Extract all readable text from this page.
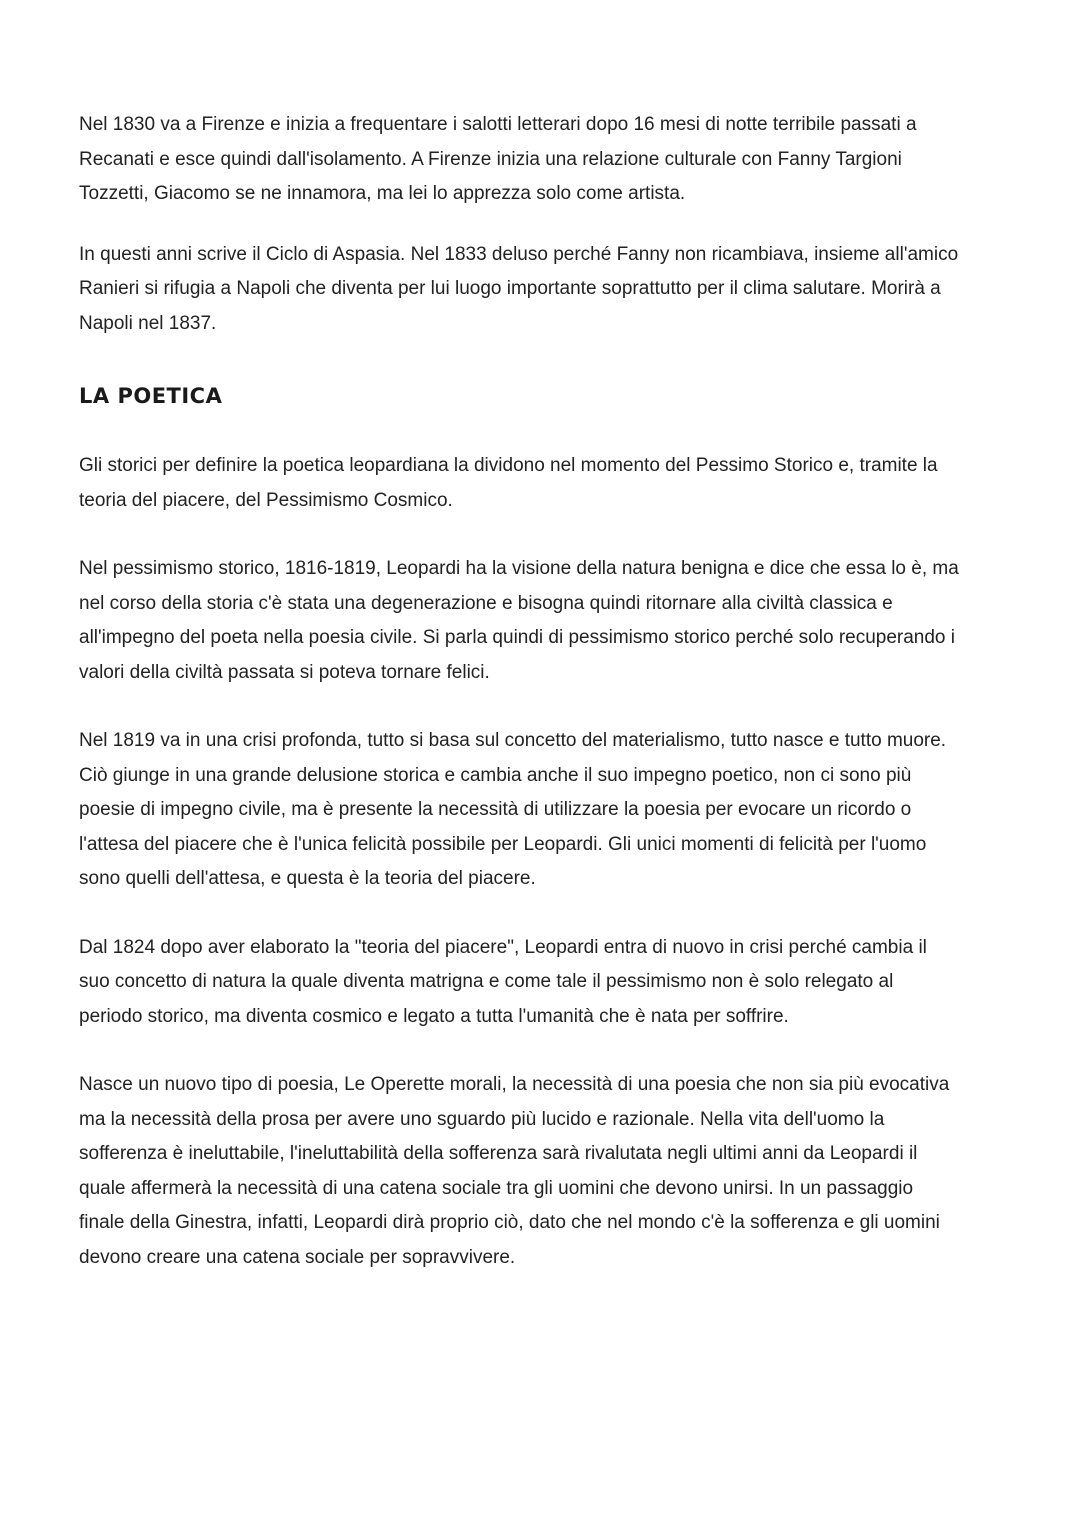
Nel 1830 va a Firenze e inizia a frequentare i salotti letterari dopo 16 mesi di notte terribile passati a
Recanati e esce quindi dall'isolamento. A Firenze inizia una relazione culturale con Fanny Targioni
Tozzetti, Giacomo se ne innamora, ma lei lo apprezza solo come artista.

In questi anni scrive il Ciclo di Aspasia. Nel 1833 deluso perché Fanny non ricambiava, insieme all'amico
Ranieri si rifugia a Napoli che diventa per lui luogo importante soprattutto per il clima salutare. Morirà a
Napoli nel 1837.

LA POETICA

Gli storici per definire la poetica leopardiana la dividono nel momento del Pessimo Storico e, tramite la
teoria del piacere, del Pessimismo Cosmico.

Nel pessimismo storico, 1816-1819, Leopardi ha la visione della natura benigna e dice che essa lo è, ma
nel corso della storia c'è stata una degenerazione e bisogna quindi ritornare alla civiltà classica e
all'impegno del poeta nella poesia civile. Si parla quindi di pessimismo storico perché solo recuperando i
valori della civiltà passata si poteva tornare felici.

Nel 1819 va in una crisi profonda, tutto si basa sul concetto del materialismo, tutto nasce e tutto muore.
Ciò giunge in una grande delusione storica e cambia anche il suo impegno poetico, non ci sono più
poesie di impegno civile, ma è presente la necessità di utilizzare la poesia per evocare un ricordo o
l'attesa del piacere che è l'unica felicità possibile per Leopardi. Gli unici momenti di felicità per l'uomo
sono quelli dell'attesa, e questa è la teoria del piacere.

Dal 1824 dopo aver elaborato la "teoria del piacere", Leopardi entra di nuovo in crisi perché cambia il
suo concetto di natura la quale diventa matrigna e come tale il pessimismo non è solo relegato al
periodo storico, ma diventa cosmico e legato a tutta l'umanità che è nata per soffrire.

Nasce un nuovo tipo di poesia, Le Operette morali, la necessità di una poesia che non sia più evocativa
ma la necessità della prosa per avere uno sguardo più lucido e razionale. Nella vita dell'uomo la
sofferenza è ineluttabile, l'ineluttabilità della sofferenza sarà rivalutata negli ultimi anni da Leopardi il
quale affermerà la necessità di una catena sociale tra gli uomini che devono unirsi. In un passaggio
finale della Ginestra, infatti, Leopardi dirà proprio ciò, dato che nel mondo c'è la sofferenza e gli uomini
devono creare una catena sociale per sopravvivere.
